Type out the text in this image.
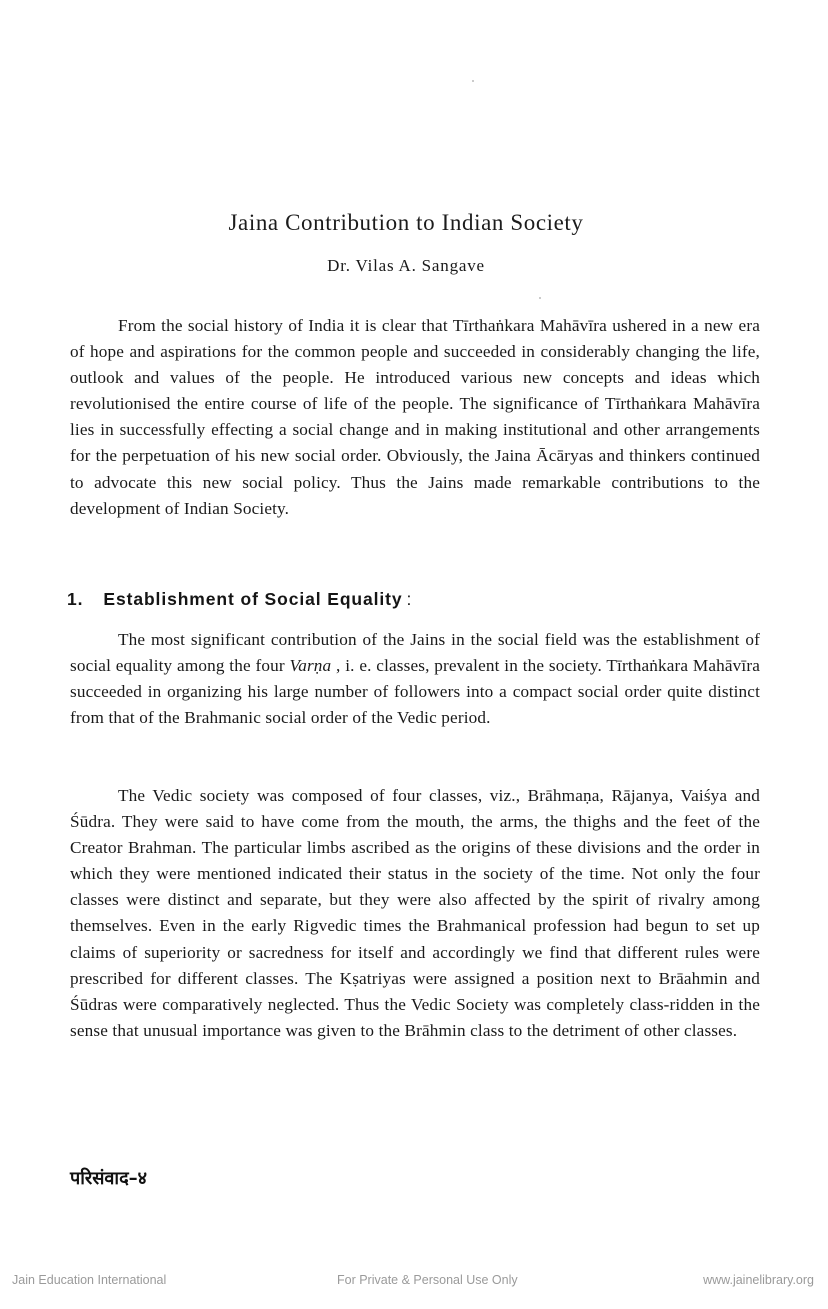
Jaina Contribution to Indian Society
Dr. Vilas A. Sangave

From the social history of India it is clear that Tīrthaṅkara Mahāvīra ushered in a new era of hope and aspirations for the common people and succeeded in considerably changing the life, outlook and values of the people. He introduced various new concepts and ideas which revolutionised the entire course of life of the people. The significance of Tīrthaṅkara Mahāvīra lies in successfully effecting a social change and in making institutional and other arrangements for the perpetuation of his new social order. Obviously, the Jaina Ācāryas and thinkers continued to advocate this new social policy. Thus the Jains made remarkable contributions to the development of Indian Society.

1. Establishment of Social Equality :

The most significant contribution of the Jains in the social field was the establishment of social equality among the four Varṇa , i. e. classes, prevalent in the society. Tīrthaṅkara Mahāvīra succeeded in organizing his large number of followers into a compact social order quite distinct from that of the Brahmanic social order of the Vedic period.

The Vedic society was composed of four classes, viz., Brāhmaṇa, Rājanya, Vaiśya and Śūdra. They were said to have come from the mouth, the arms, the thighs and the feet of the Creator Brahman. The particular limbs ascribed as the origins of these divisions and the order in which they were mentioned indicated their status in the society of the time. Not only the four classes were distinct and separate, but they were also affected by the spirit of rivalry among themselves. Even in the early Rigvedic times the Brahmanical profession had begun to set up claims of superiority or sacredness for itself and accordingly we find that different rules were prescribed for different classes. The Kṣatriyas were assigned a position next to Brāahmin and Śūdras were comparatively neglected. Thus the Vedic Society was completely class-ridden in the sense that unusual importance was given to the Brāhmin class to the detriment of other classes.

परिसंवाद–४
Jain Education International	For Private & Personal Use Only	www.jainelibrary.org
